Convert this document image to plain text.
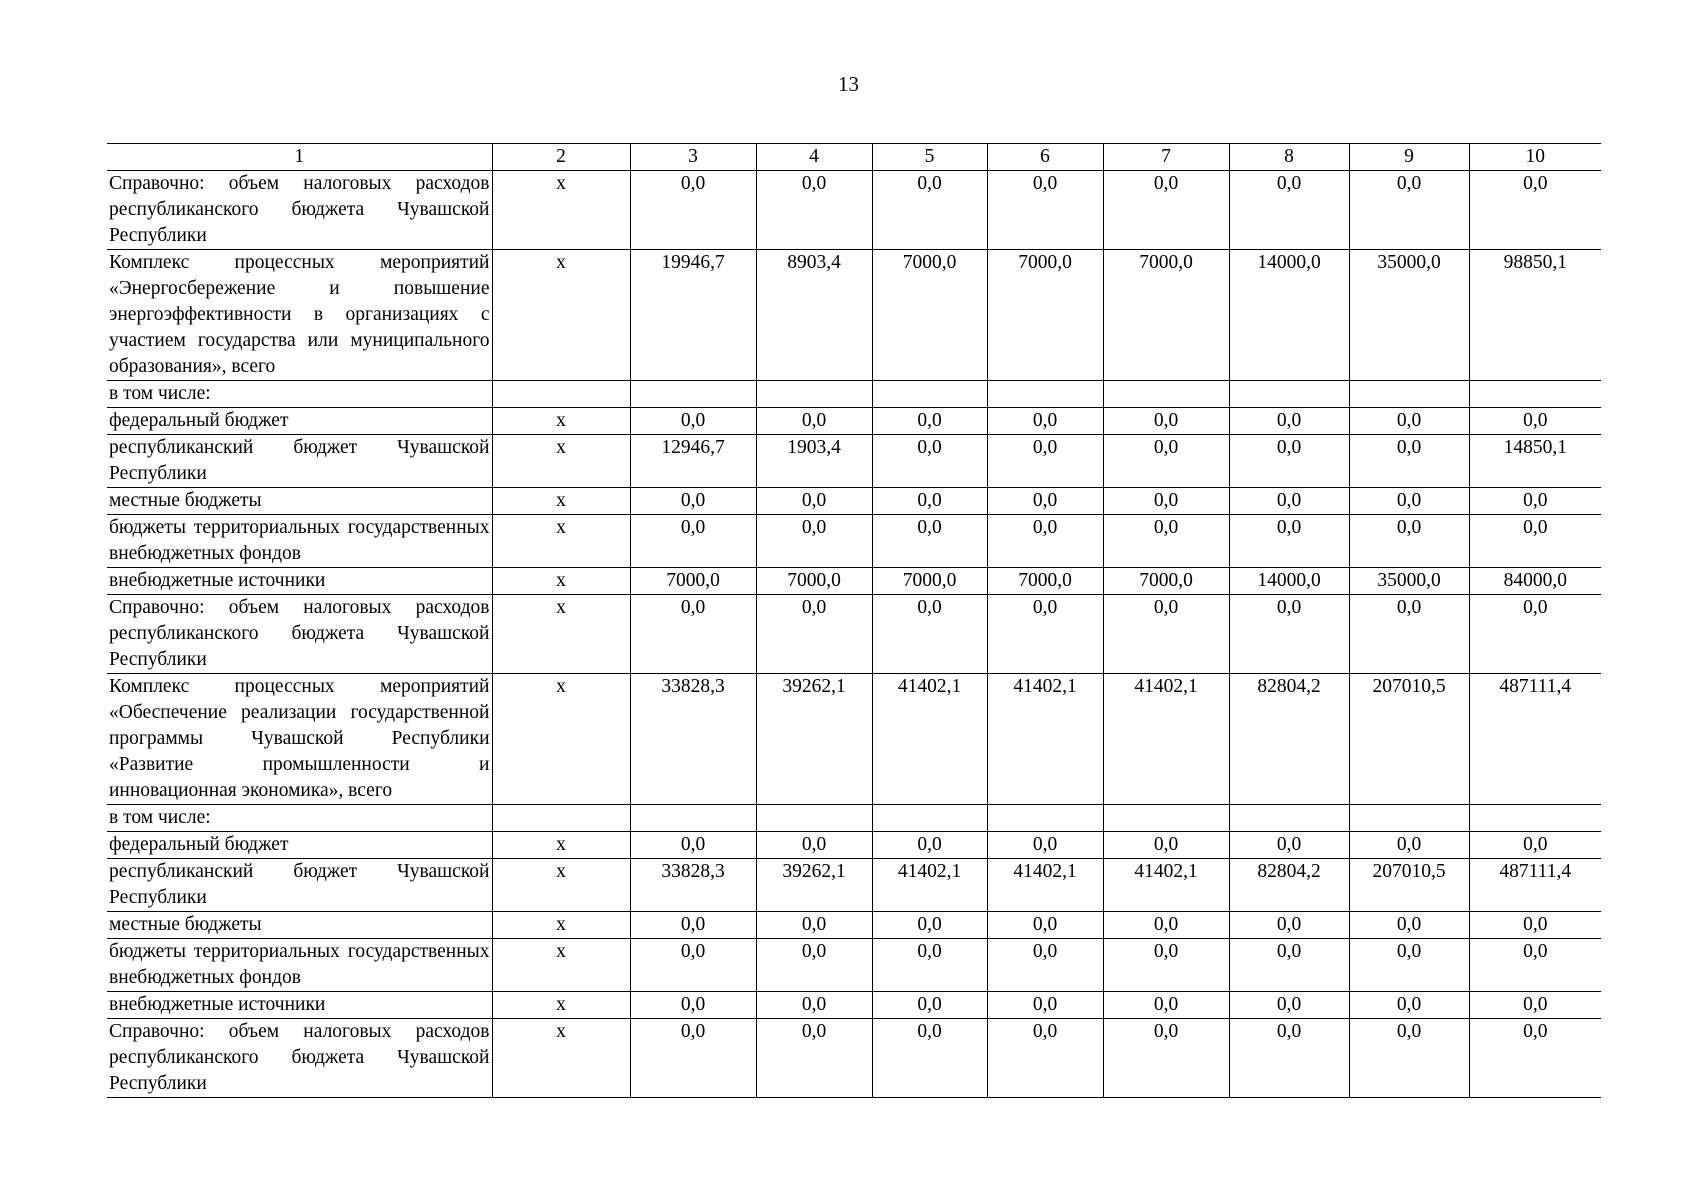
13
1	2	3	4	5	6	7	8	9	10
Справочно: объем налоговых расходов республиканского бюджета Чувашской Республики	х	0,0	0,0	0,0	0,0	0,0	0,0	0,0	0,0
Комплекс процессных мероприятий «Энергосбережение и повышение энергоэффективности в организациях с участием государства или муниципального образования», всего	х	19946,7	8903,4	7000,0	7000,0	7000,0	14000,0	35000,0	98850,1
в том числе:									
федеральный бюджет	х	0,0	0,0	0,0	0,0	0,0	0,0	0,0	0,0
республиканский бюджет Чувашской Республики	х	12946,7	1903,4	0,0	0,0	0,0	0,0	0,0	14850,1
местные бюджеты	х	0,0	0,0	0,0	0,0	0,0	0,0	0,0	0,0
бюджеты территориальных государственных внебюджетных фондов	х	0,0	0,0	0,0	0,0	0,0	0,0	0,0	0,0
внебюджетные источники	х	7000,0	7000,0	7000,0	7000,0	7000,0	14000,0	35000,0	84000,0
Справочно: объем налоговых расходов республиканского бюджета Чувашской Республики	х	0,0	0,0	0,0	0,0	0,0	0,0	0,0	0,0
Комплекс процессных мероприятий «Обеспечение реализации государственной программы Чувашской Республики «Развитие промышленности и инновационная экономика», всего	х	33828,3	39262,1	41402,1	41402,1	41402,1	82804,2	207010,5	487111,4
в том числе:									
федеральный бюджет	х	0,0	0,0	0,0	0,0	0,0	0,0	0,0	0,0
республиканский бюджет Чувашской Республики	х	33828,3	39262,1	41402,1	41402,1	41402,1	82804,2	207010,5	487111,4
местные бюджеты	х	0,0	0,0	0,0	0,0	0,0	0,0	0,0	0,0
бюджеты территориальных государственных внебюджетных фондов	х	0,0	0,0	0,0	0,0	0,0	0,0	0,0	0,0
внебюджетные источники	х	0,0	0,0	0,0	0,0	0,0	0,0	0,0	0,0
Справочно: объем налоговых расходов республиканского бюджета Чувашской Республики	х	0,0	0,0	0,0	0,0	0,0	0,0	0,0	0,0
